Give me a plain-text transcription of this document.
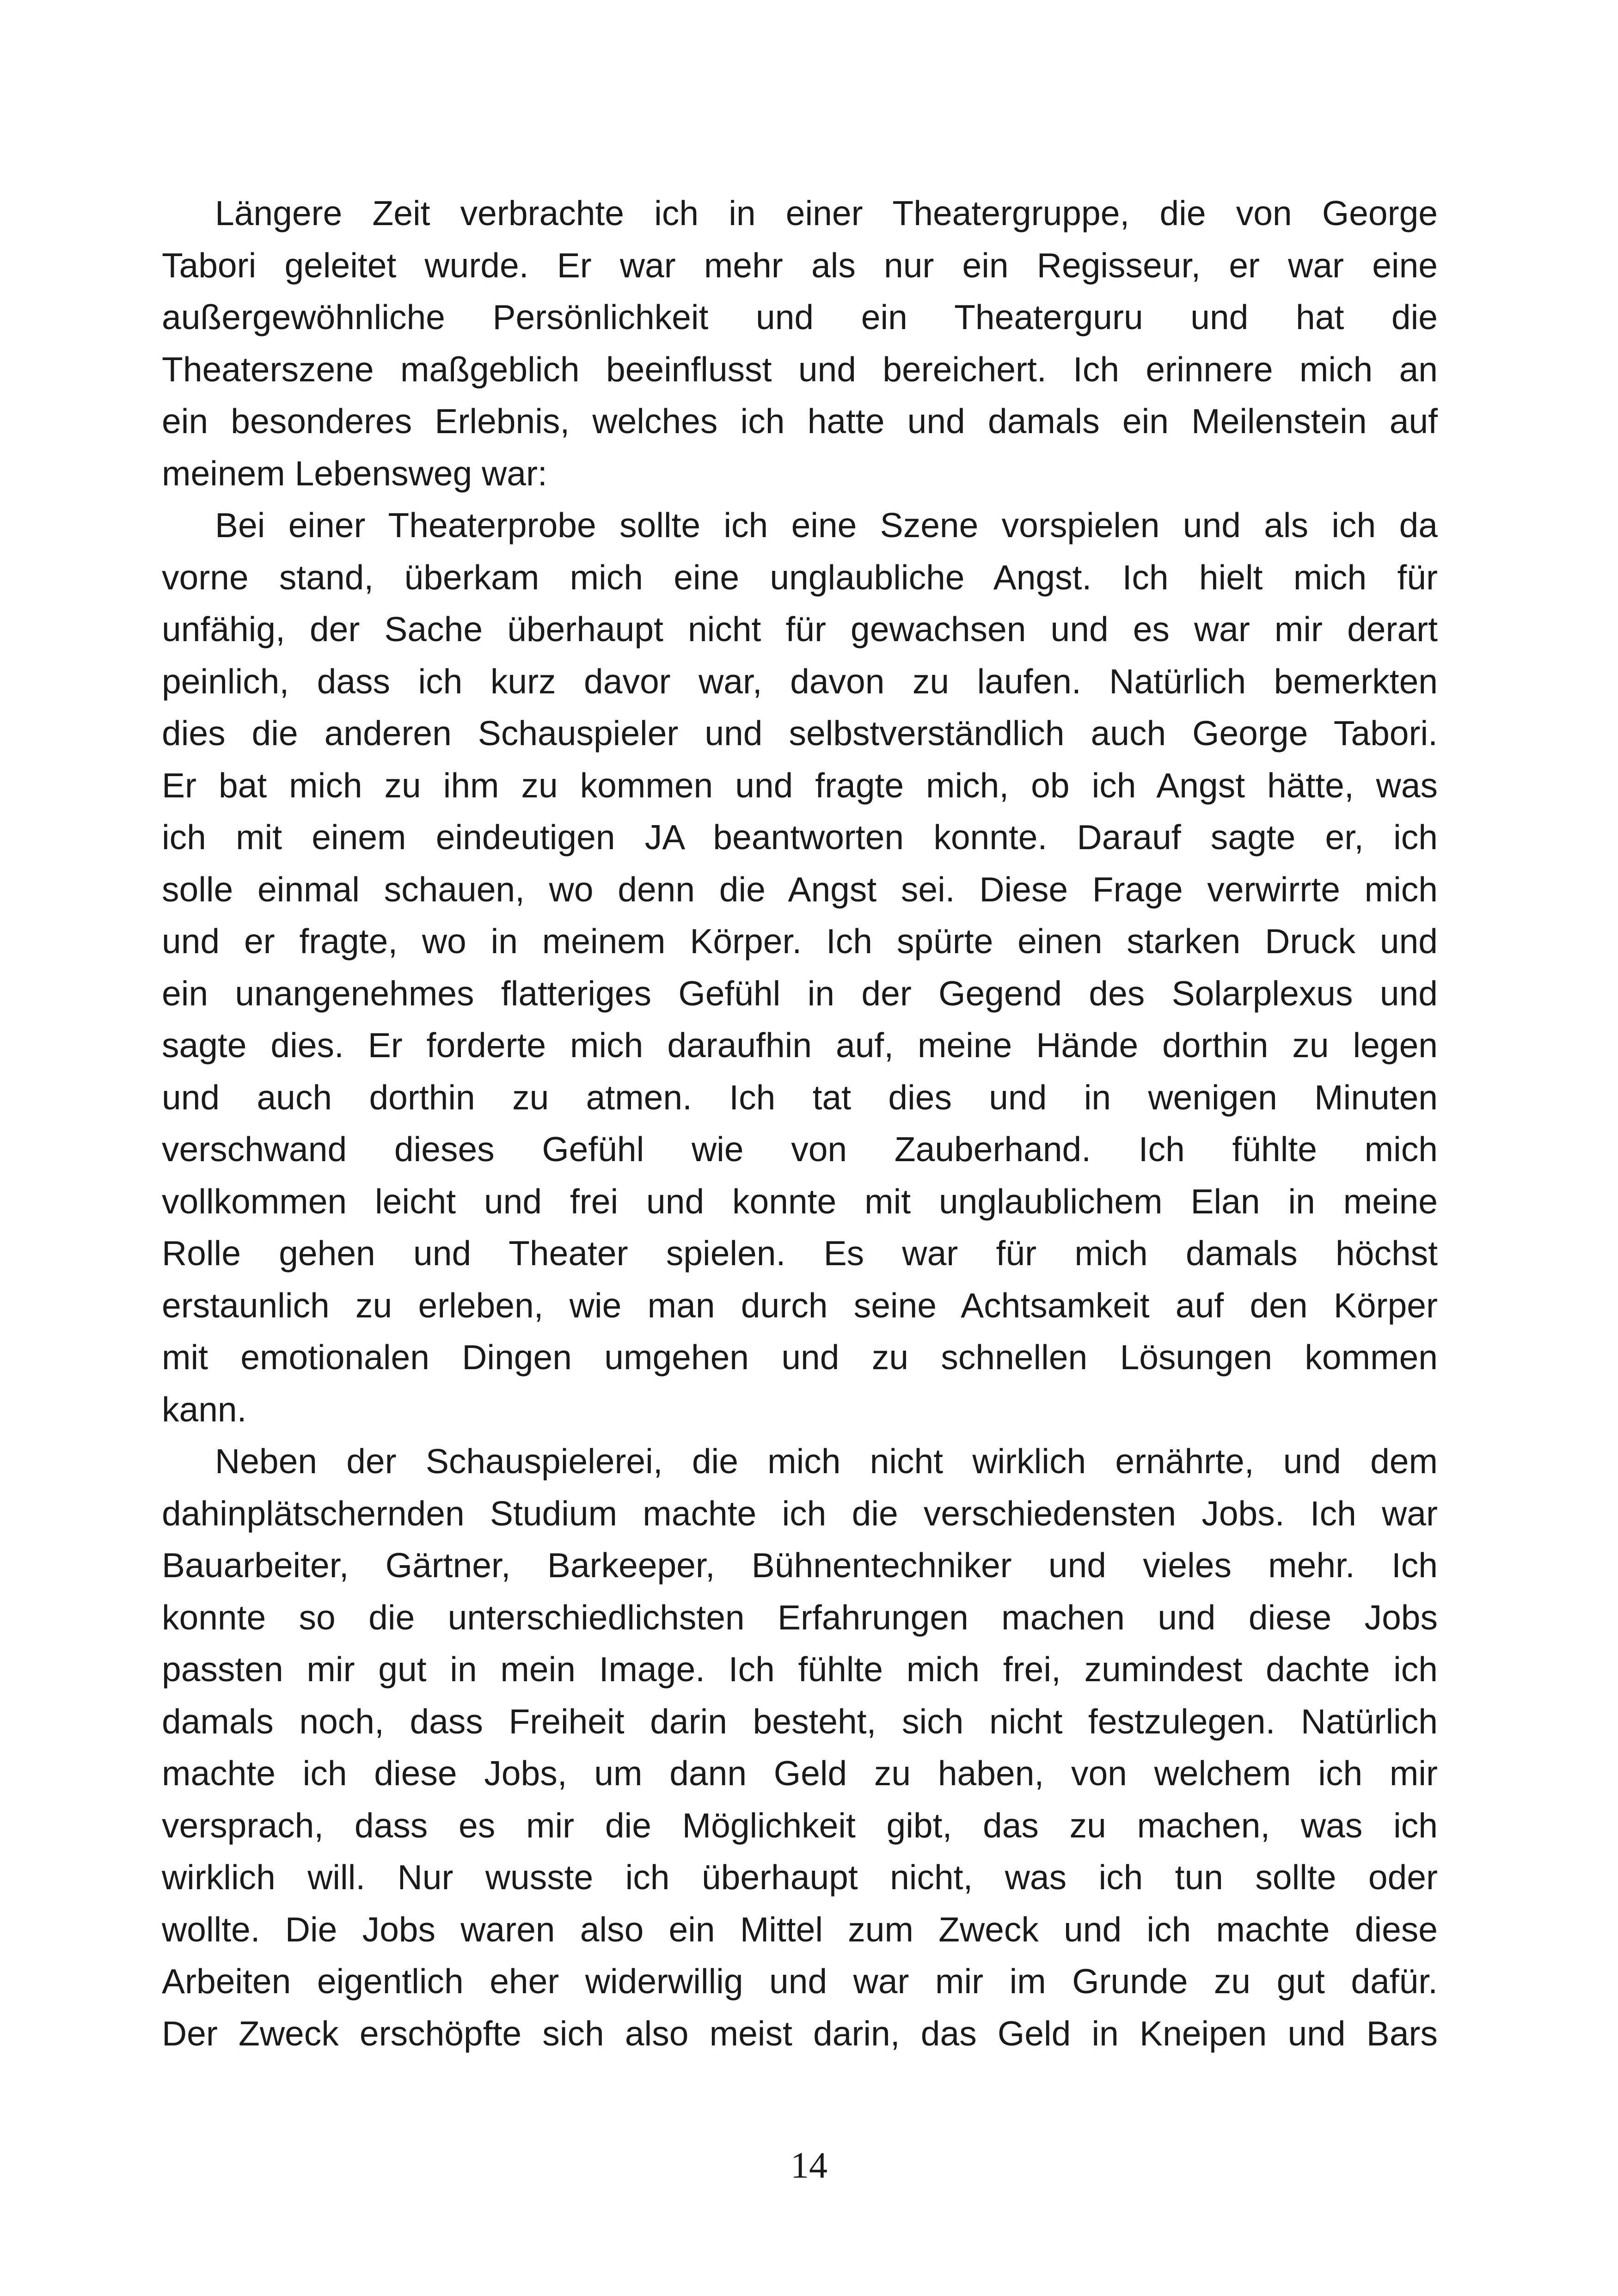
Längere Zeit verbrachte ich in einer Theatergruppe, die von George
Tabori geleitet wurde. Er war mehr als nur ein Regisseur, er war eine
außergewöhnliche Persönlichkeit und ein Theaterguru und hat die
Theaterszene maßgeblich beeinflusst und bereichert. Ich erinnere mich an
ein besonderes Erlebnis, welches ich hatte und damals ein Meilenstein auf
meinem Lebensweg war:
Bei einer Theaterprobe sollte ich eine Szene vorspielen und als ich da
vorne stand, überkam mich eine unglaubliche Angst. Ich hielt mich für
unfähig, der Sache überhaupt nicht für gewachsen und es war mir derart
peinlich, dass ich kurz davor war, davon zu laufen. Natürlich bemerkten
dies die anderen Schauspieler und selbstverständlich auch George Tabori.
Er bat mich zu ihm zu kommen und fragte mich, ob ich Angst hätte, was
ich mit einem eindeutigen JA beantworten konnte. Darauf sagte er, ich
solle einmal schauen, wo denn die Angst sei. Diese Frage verwirrte mich
und er fragte, wo in meinem Körper. Ich spürte einen starken Druck und
ein unangenehmes flatteriges Gefühl in der Gegend des Solarplexus und
sagte dies. Er forderte mich daraufhin auf, meine Hände dorthin zu legen
und auch dorthin zu atmen. Ich tat dies und in wenigen Minuten
verschwand dieses Gefühl wie von Zauberhand. Ich fühlte mich
vollkommen leicht und frei und konnte mit unglaublichem Elan in meine
Rolle gehen und Theater spielen. Es war für mich damals höchst
erstaunlich zu erleben, wie man durch seine Achtsamkeit auf den Körper
mit emotionalen Dingen umgehen und zu schnellen Lösungen kommen
kann.
Neben der Schauspielerei, die mich nicht wirklich ernährte, und dem
dahinplätschernden Studium machte ich die verschiedensten Jobs. Ich war
Bauarbeiter, Gärtner, Barkeeper, Bühnentechniker und vieles mehr. Ich
konnte so die unterschiedlichsten Erfahrungen machen und diese Jobs
passten mir gut in mein Image. Ich fühlte mich frei, zumindest dachte ich
damals noch, dass Freiheit darin besteht, sich nicht festzulegen. Natürlich
machte ich diese Jobs, um dann Geld zu haben, von welchem ich mir
versprach, dass es mir die Möglichkeit gibt, das zu machen, was ich
wirklich will. Nur wusste ich überhaupt nicht, was ich tun sollte oder
wollte. Die Jobs waren also ein Mittel zum Zweck und ich machte diese
Arbeiten eigentlich eher widerwillig und war mir im Grunde zu gut dafür.
Der Zweck erschöpfte sich also meist darin, das Geld in Kneipen und Bars
14
